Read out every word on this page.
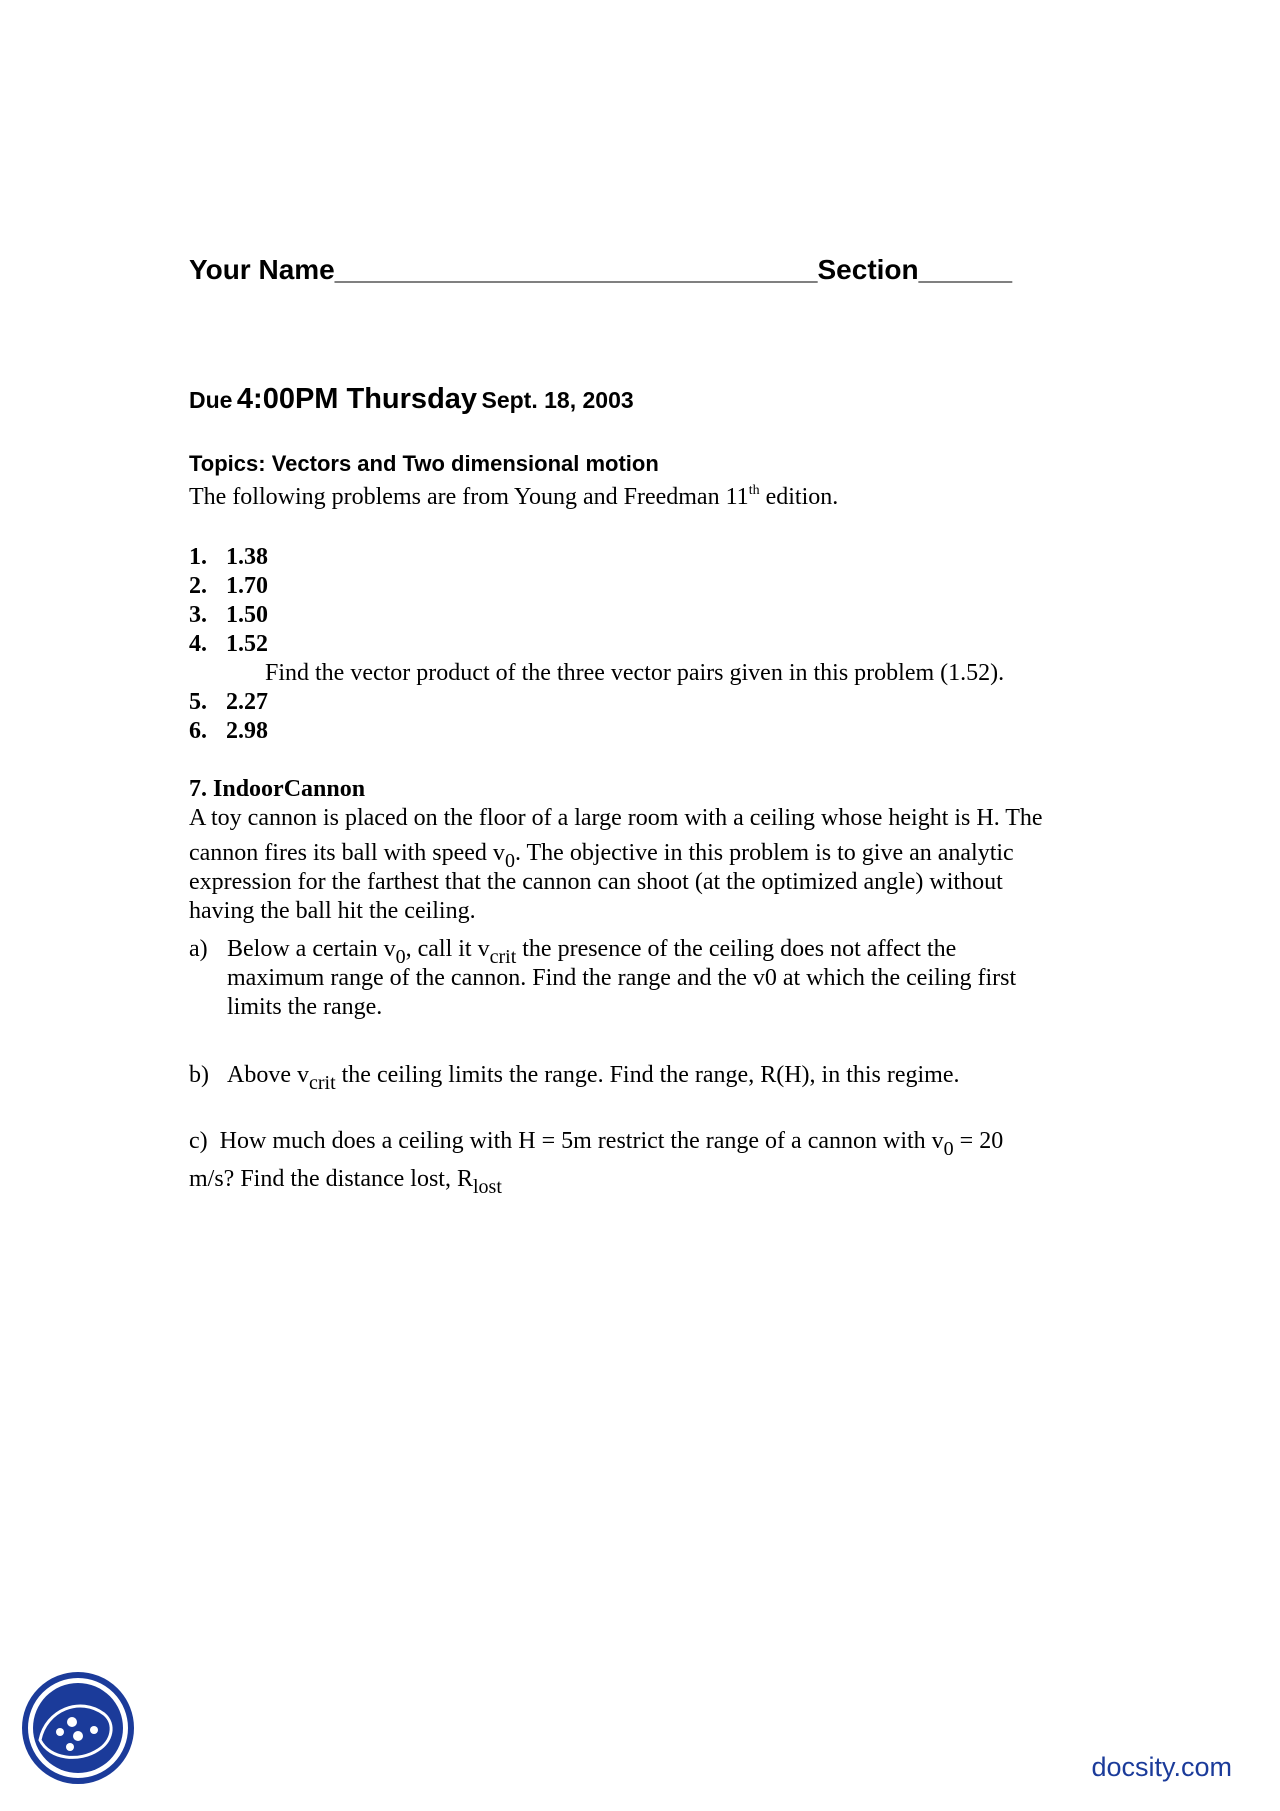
Your Name_______________________________Section______
Due 4:00PM Thursday Sept. 18, 2003
Topics: Vectors and Two dimensional motion
The following problems are from Young and Freedman 11th edition.
1. 1.38
2. 1.70
3. 1.50
4. 1.52
Find the vector product of the three vector pairs given in this problem (1.52).
5. 2.27
6. 2.98
7. IndoorCannon
A toy cannon is placed on the floor of a large room with a ceiling whose height is H. The
cannon fires its ball with speed $v_0$. The objective in this problem is to give an analytic
expression for the farthest that the cannon can shoot (at the optimized angle) without
having the ball hit the ceiling.
a) Below a certain $v_0$, call it $v_{crit}$ the presence of the ceiling does not affect the
maximum range of the cannon. Find the range and the v0 at which the ceiling first
limits the range.
b) Above $v_{crit}$ the ceiling limits the range. Find the range, R(H), in this regime.
c) How much does a ceiling with H = 5m restrict the range of a cannon with $v_0 = 20$
m/s? Find the distance lost, $R_{lost}$
docsity.com
